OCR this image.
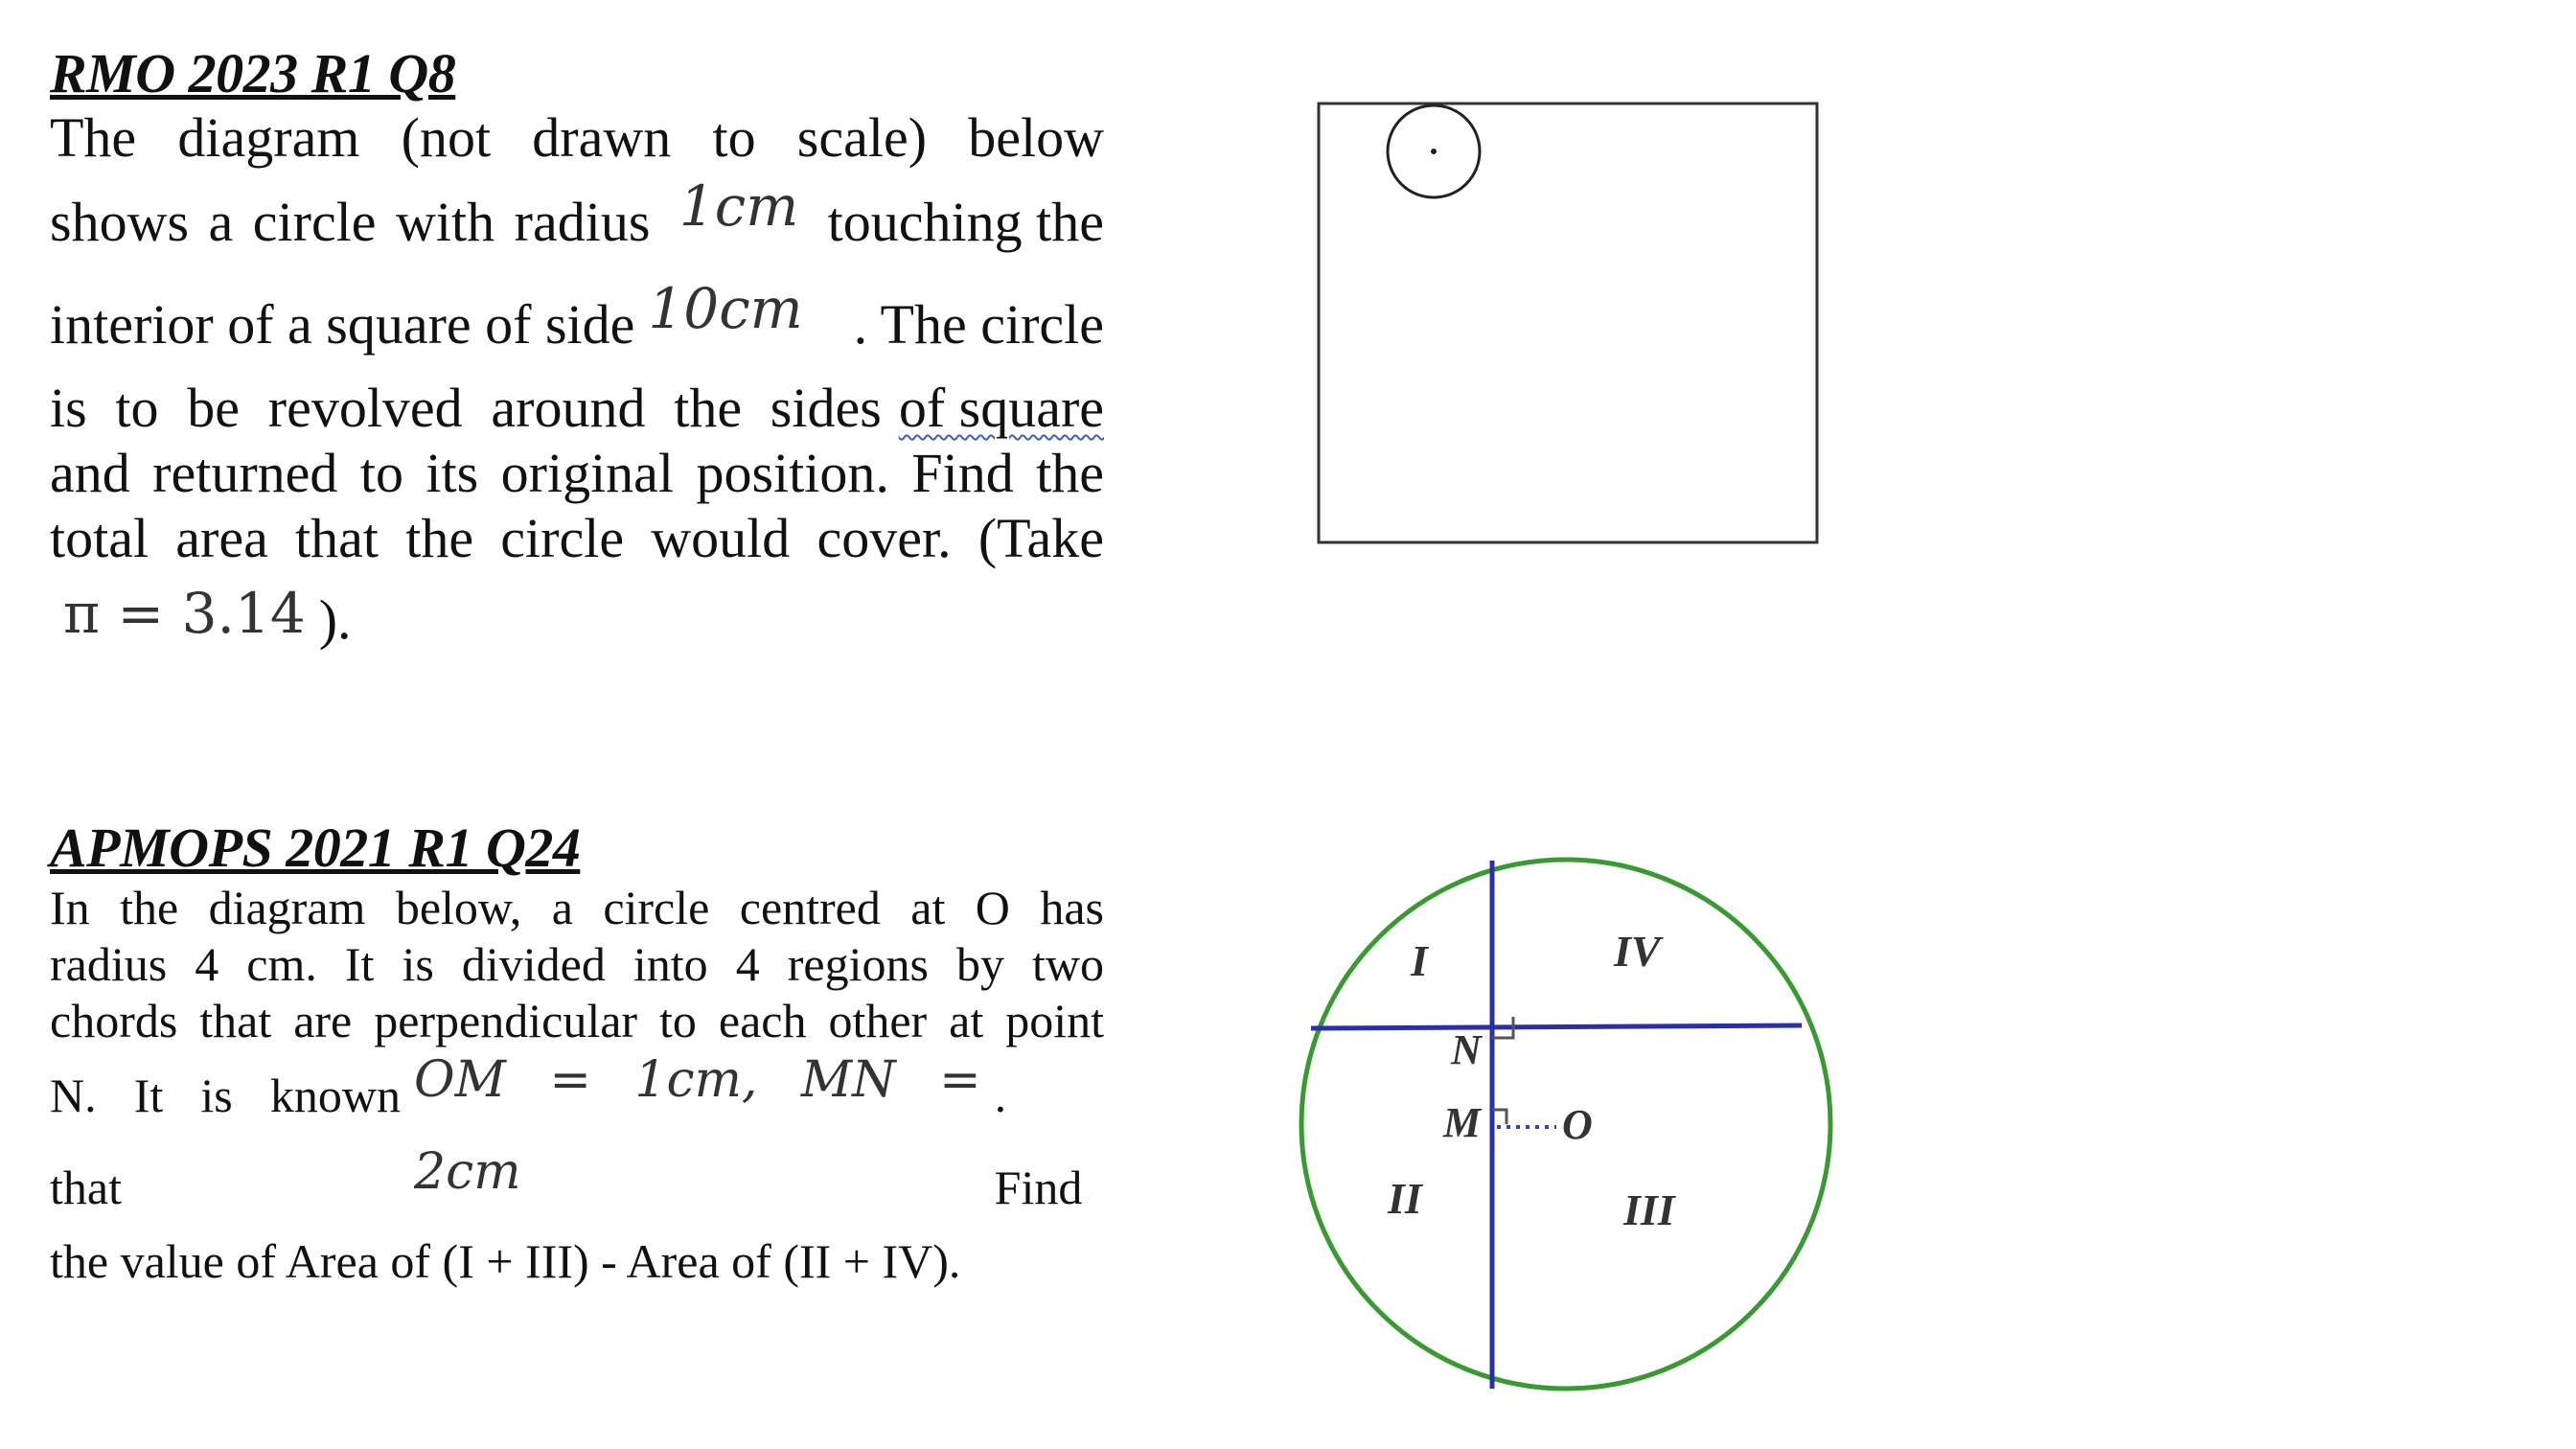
RMO 2023 R1 Q8

The diagram (not drawn to scale) below
shows a circle with radius 1cm touching the
interior of a square of side 10cm . The circle
is to be revolved around the sides of square
and returned to its original position. Find the
total area that the circle would cover. (Take
π = 3.14 ).

APMOPS 2021 R1 Q24

In the diagram below, a circle centred at O has
radius 4 cm. It is divided into 4 regions by two
chords that are perpendicular to each other at point
N. It is known that
OM = 1cm, MN = 2cm
. Find
the value of Area of (I + III) - Area of (II + IV).
I	IV
N
M O
II	III
